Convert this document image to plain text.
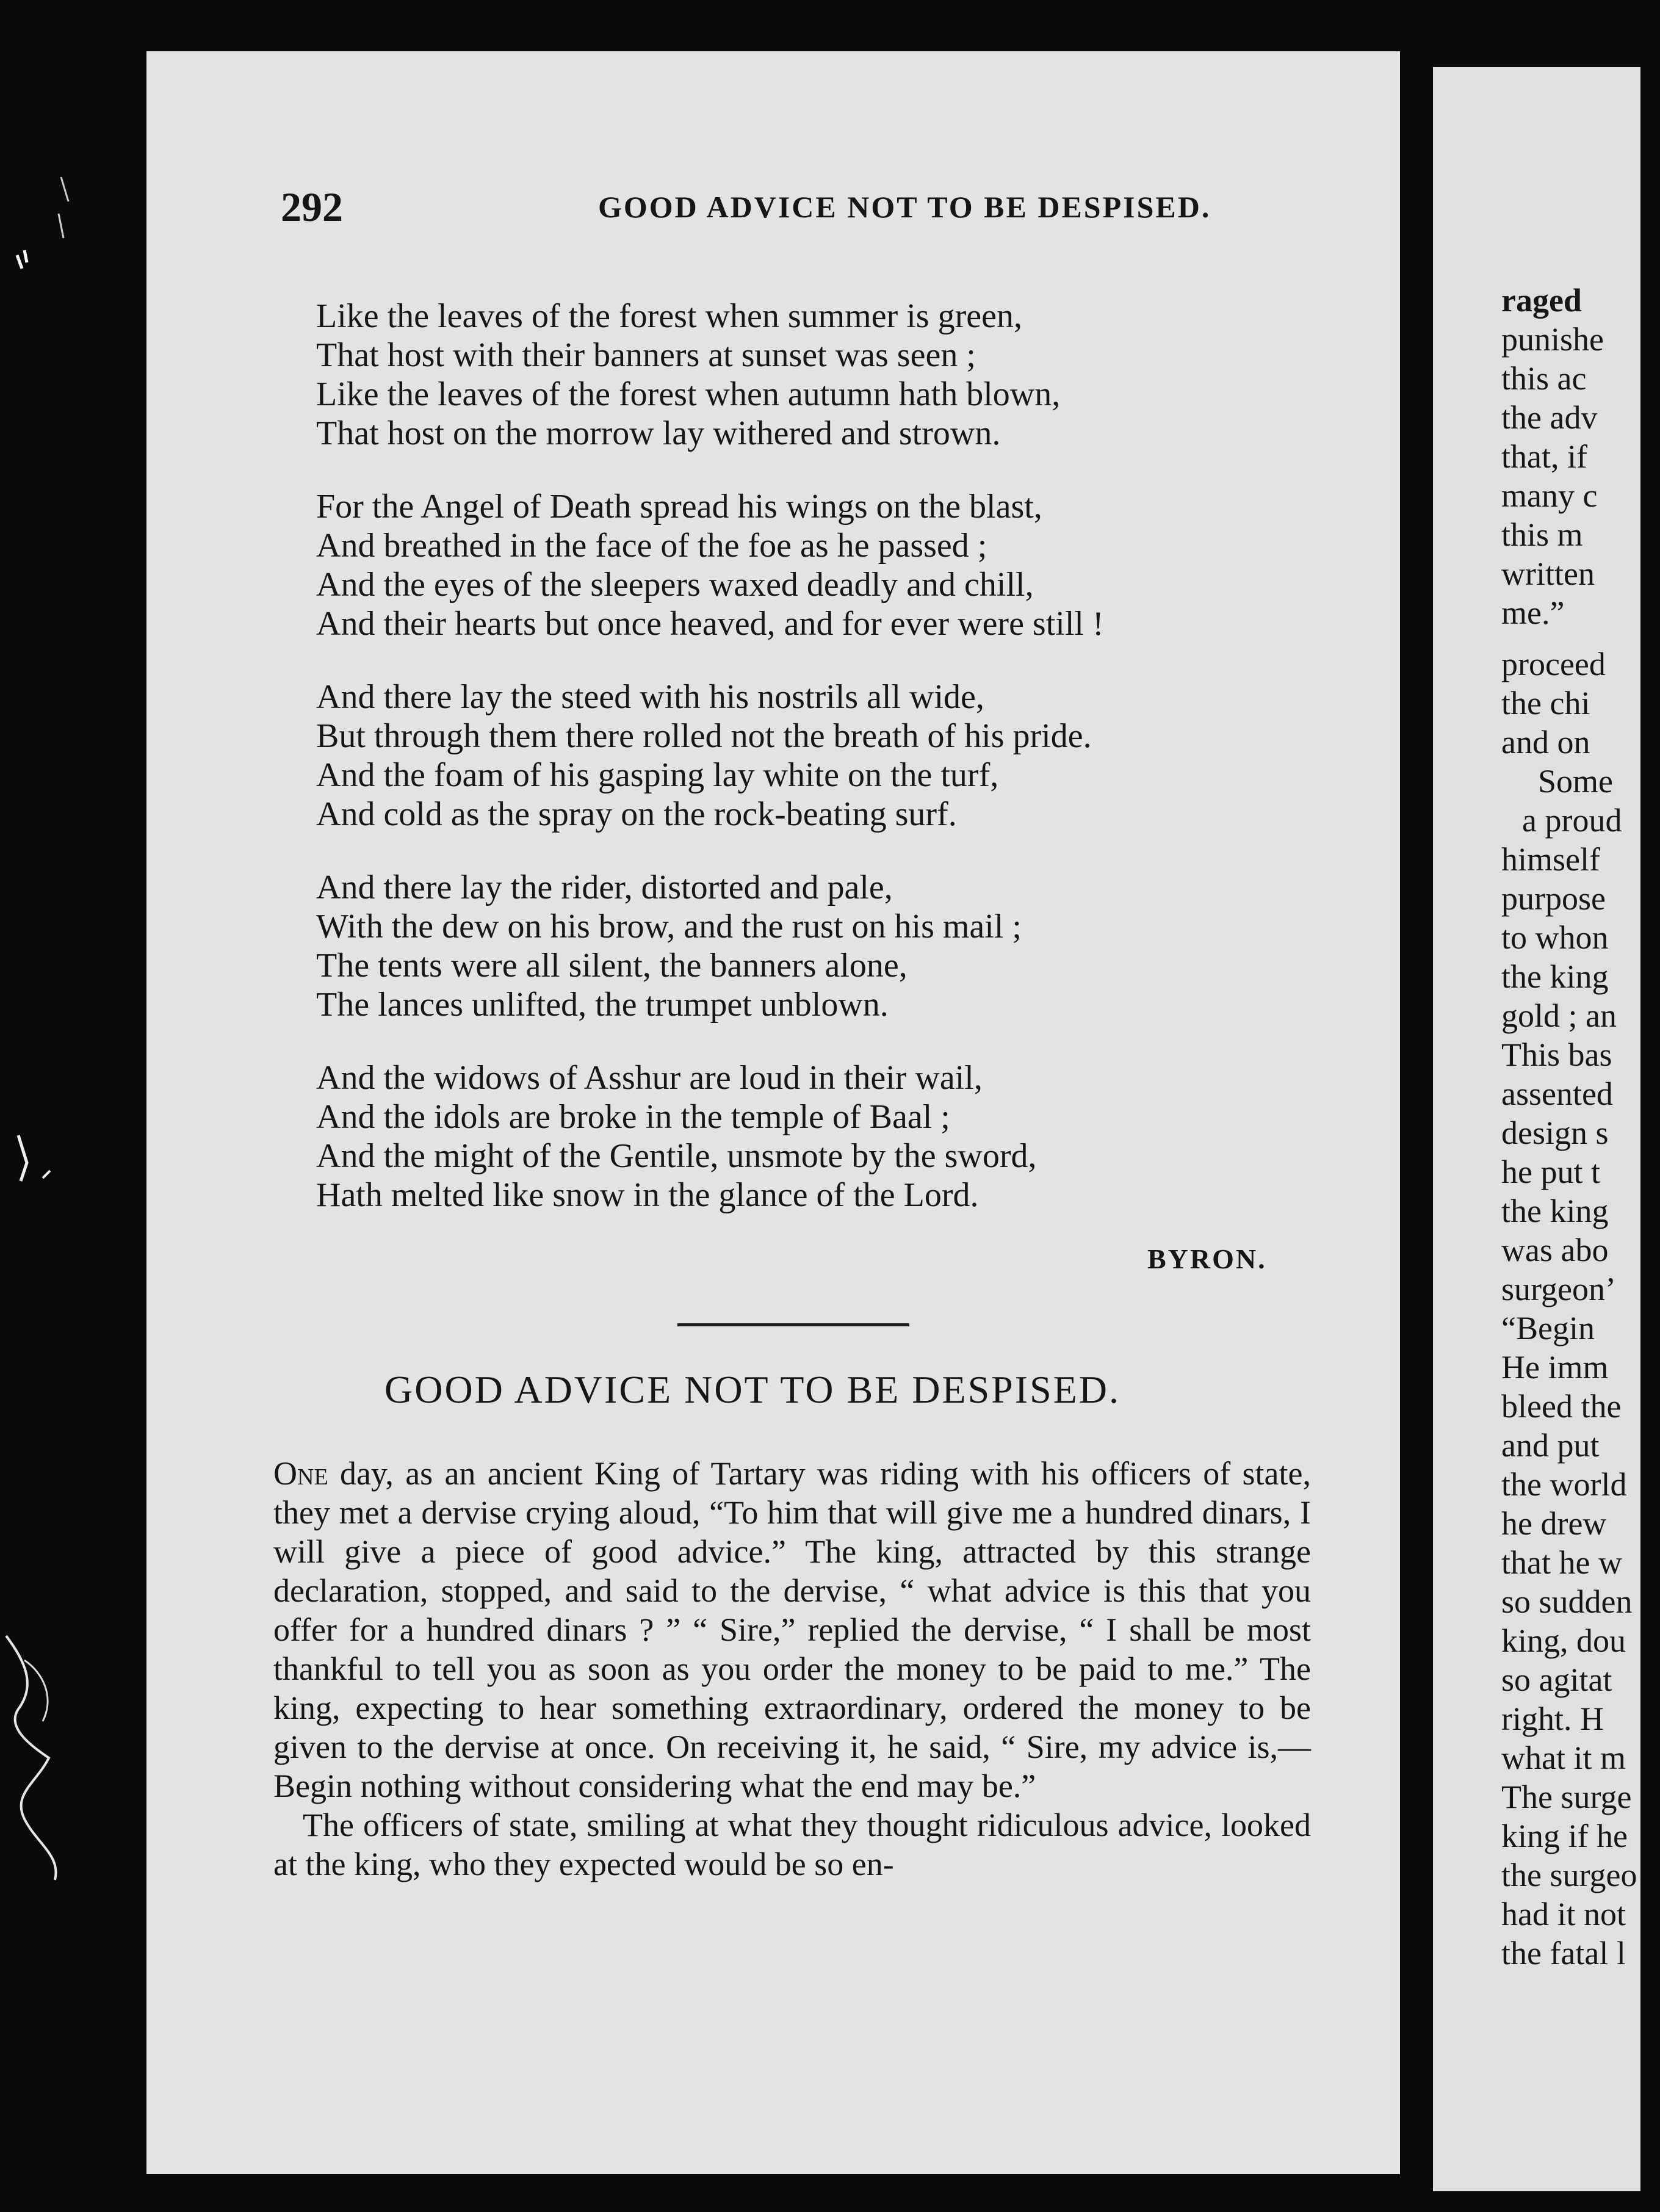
292	GOOD ADVICE NOT TO BE DESPISED.
Like the leaves of the forest when summer is green,
That host with their banners at sunset was seen ;
Like the leaves of the forest when autumn hath blown,
That host on the morrow lay withered and strown.
For the Angel of Death spread his wings on the blast,
And breathed in the face of the foe as he passed ;
And the eyes of the sleepers waxed deadly and chill,
And their hearts but once heaved, and for ever were still !
And there lay the steed with his nostrils all wide,
But through them there rolled not the breath of his pride.
And the foam of his gasping lay white on the turf,
And cold as the spray on the rock-beating surf.
And there lay the rider, distorted and pale,
With the dew on his brow, and the rust on his mail ;
The tents were all silent, the banners alone,
The lances unlifted, the trumpet unblown.
And the widows of Asshur are loud in their wail,
And the idols are broke in the temple of Baal ;
And the might of the Gentile, unsmote by the sword,
Hath melted like snow in the glance of the Lord.
BYRON.
GOOD ADVICE NOT TO BE DESPISED.

One day, as an ancient King of Tartary was riding with his officers of state, they met a dervise crying aloud, “To him that will give me a hundred dinars, I will give a piece of good advice.” The king, attracted by this strange declaration, stopped, and said to the dervise, “ what advice is this that you offer for a hundred dinars ? ” “ Sire,” replied the dervise, “ I shall be most thankful to tell you as soon as you order the money to be paid to me.” The king, expecting to hear something extraordinary, ordered the money to be given to the dervise at once. On receiving it, he said, “ Sire, my advice is,— Begin nothing without considering what the end may be.”

The officers of state, smiling at what they thought ridiculous advice, looked at the king, who they expected would be so en-

raged
punishe
this ac
the adv
that, if
many c
this m
written
me.”
proceed
the chi
and on
Some
a proud
himself
purpose
to whon
the king
gold ; an
This bas
assented
design s
he put t
the king
was abo
surgeon’
“Begin
He imm
bleed the
and put
the world
he drew
that he w
so sudden
king, dou
so agitat
right. H
what it m
The surge
king if he
the surgeo
had it not
the fatal l
